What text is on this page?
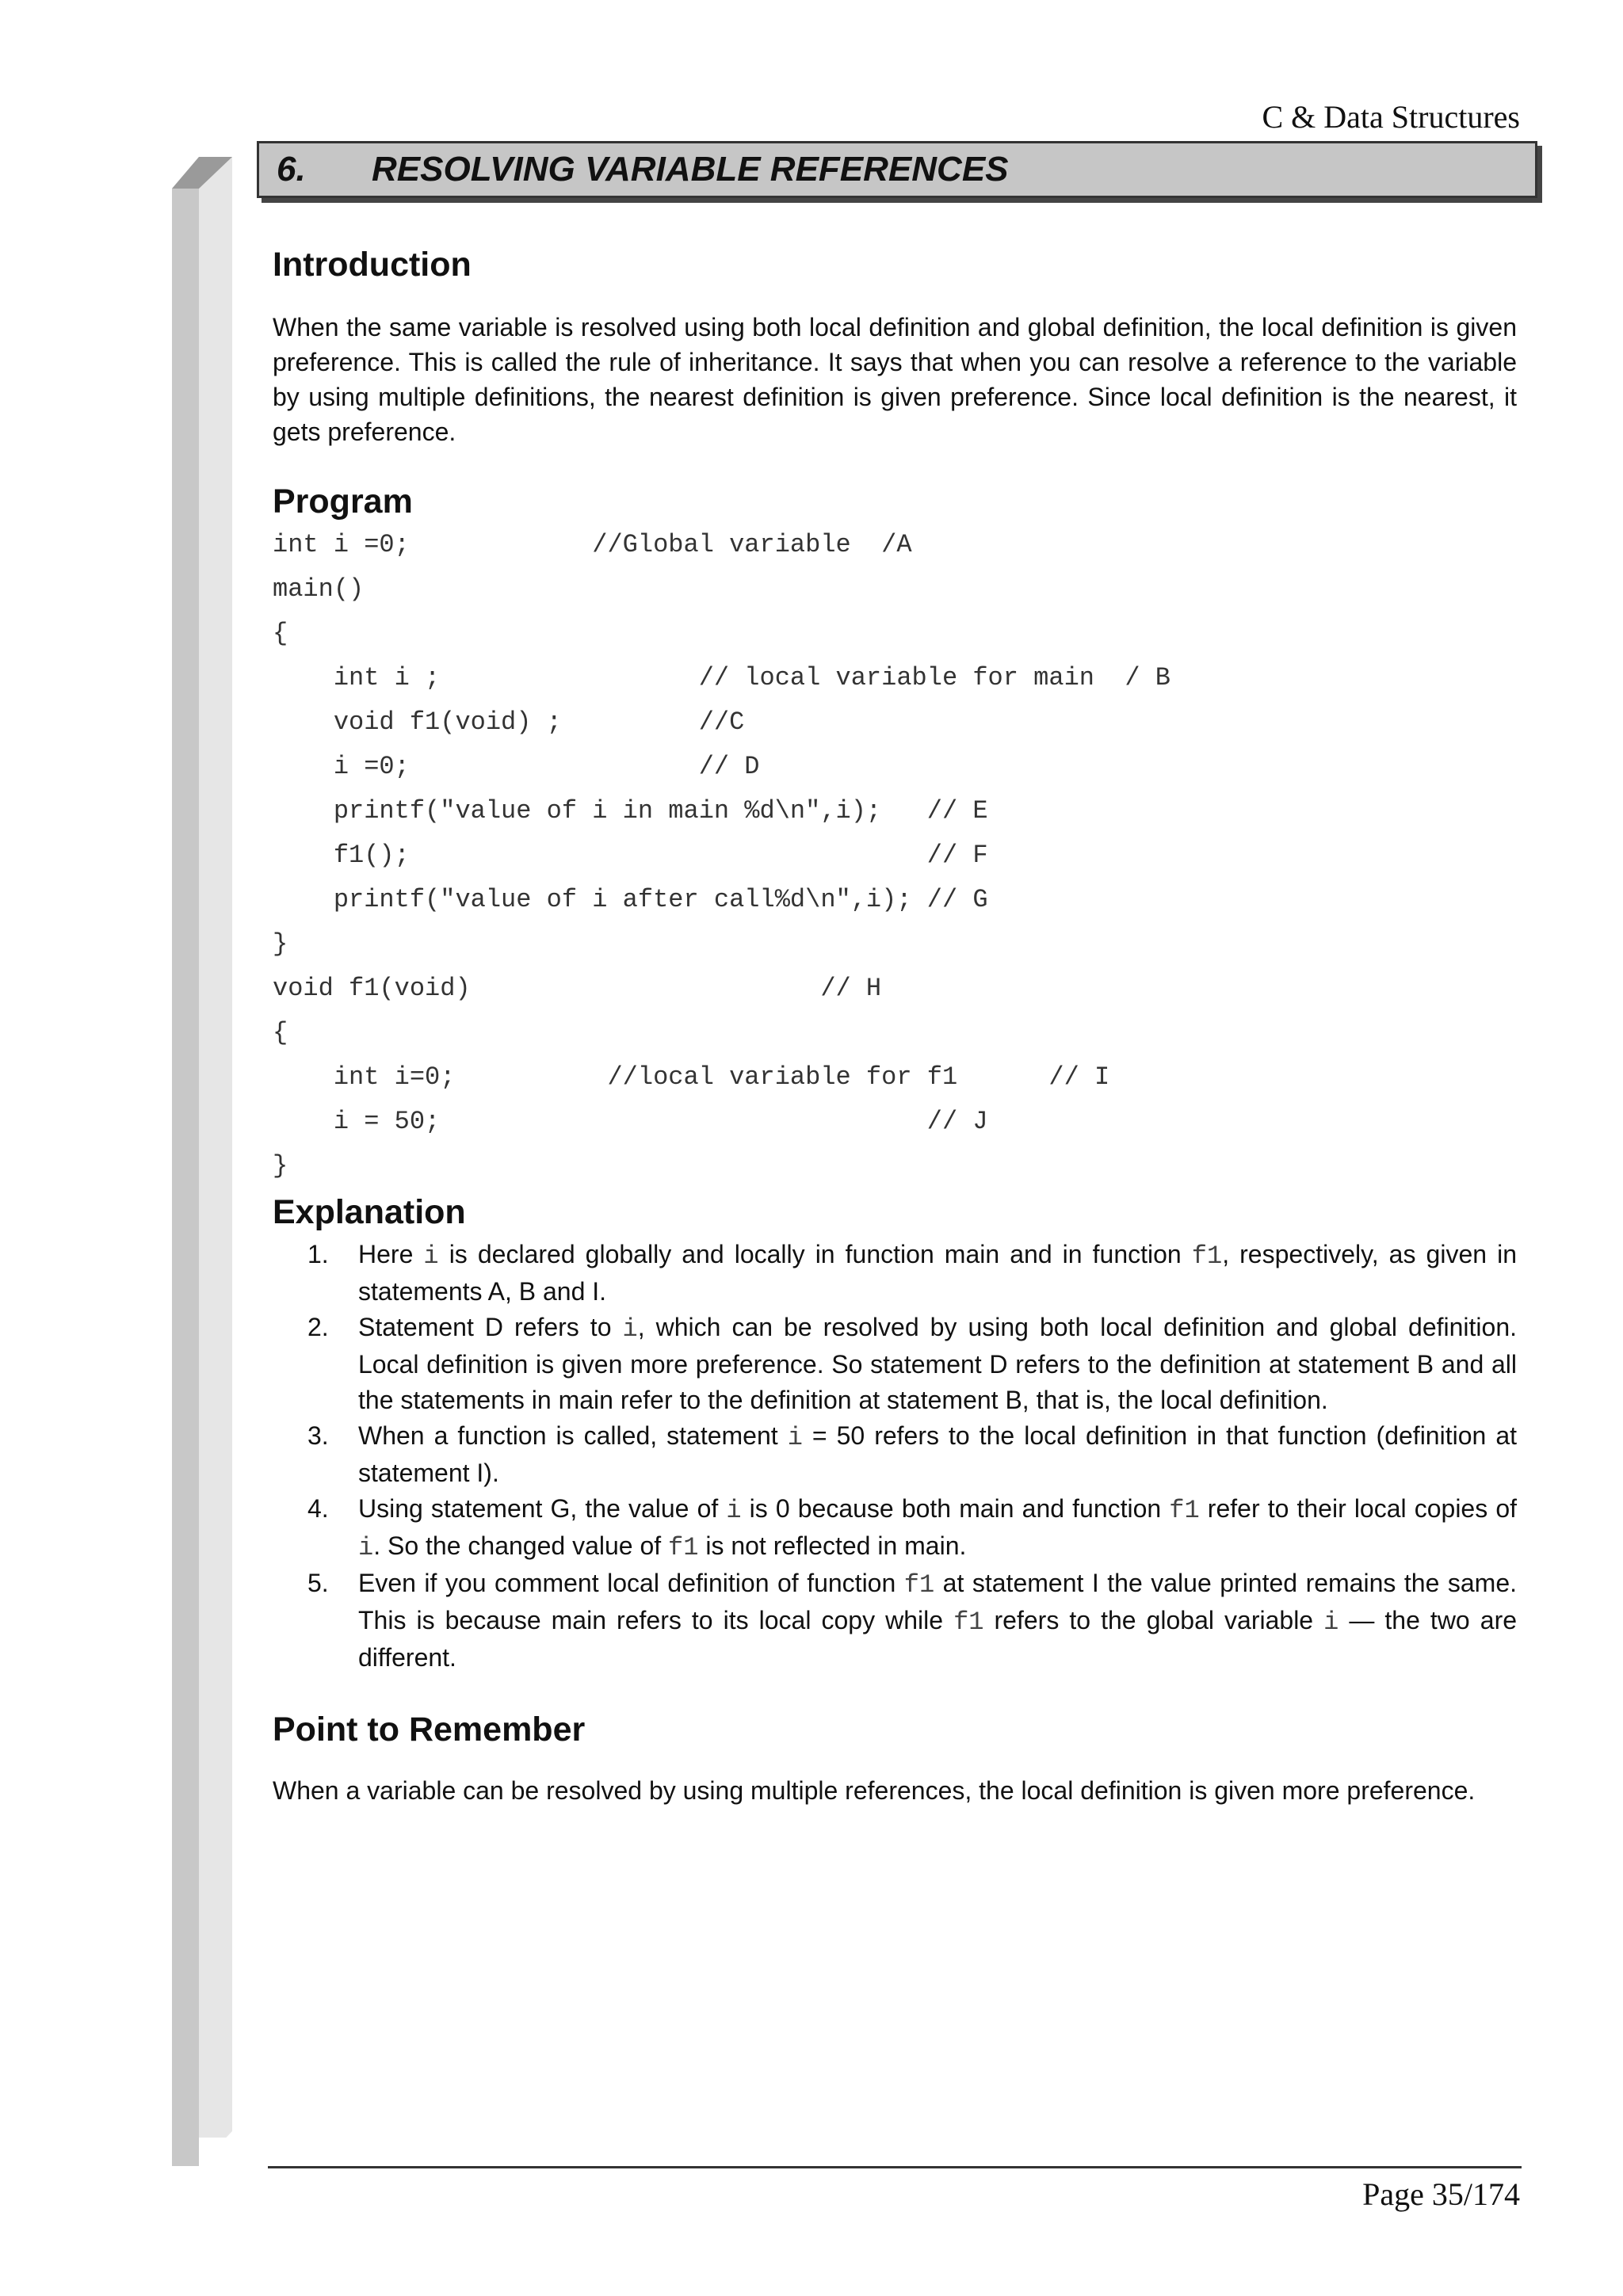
C & Data Structures
6.	RESOLVING VARIABLE REFERENCES
Introduction

When the same variable is resolved using both local definition and global definition, the local definition is given preference. This is called the rule of inheritance. It says that when you can resolve a reference to the variable by using multiple definitions, the nearest definition is given preference. Since local definition is the nearest, it gets preference.

Program
int i =0;            //Global variable  /A
main()
{
int i ;                 // local variable for main  / B
void f1(void) ;         //C
i =0;                   // D
printf("value of i in main %d\n",i);   // E
f1();                                  // F
printf("value of i after call%d\n",i); // G
}
void f1(void)                       // H
{
int i=0;          //local variable for f1      // I
i = 50;                                // J
}
Explanation
1. Here i is declared globally and locally in function main and in function f1, respectively, as given in statements A, B and I.
2. Statement D refers to i, which can be resolved by using both local definition and global definition. Local definition is given more preference. So statement D refers to the definition at statement B and all the statements in main refer to the definition at statement B, that is, the local definition.
3. When a function is called, statement i = 50 refers to the local definition in that function (definition at statement I).
4. Using statement G, the value of i is 0 because both main and function f1 refer to their local copies of i. So the changed value of f1 is not reflected in main.
5. Even if you comment local definition of function f1 at statement I the value printed remains the same. This is because main refers to its local copy while f1 refers to the global variable i — the two are different.
Point to Remember

When a variable can be resolved by using multiple references, the local definition is given more preference.

Page 35/174
